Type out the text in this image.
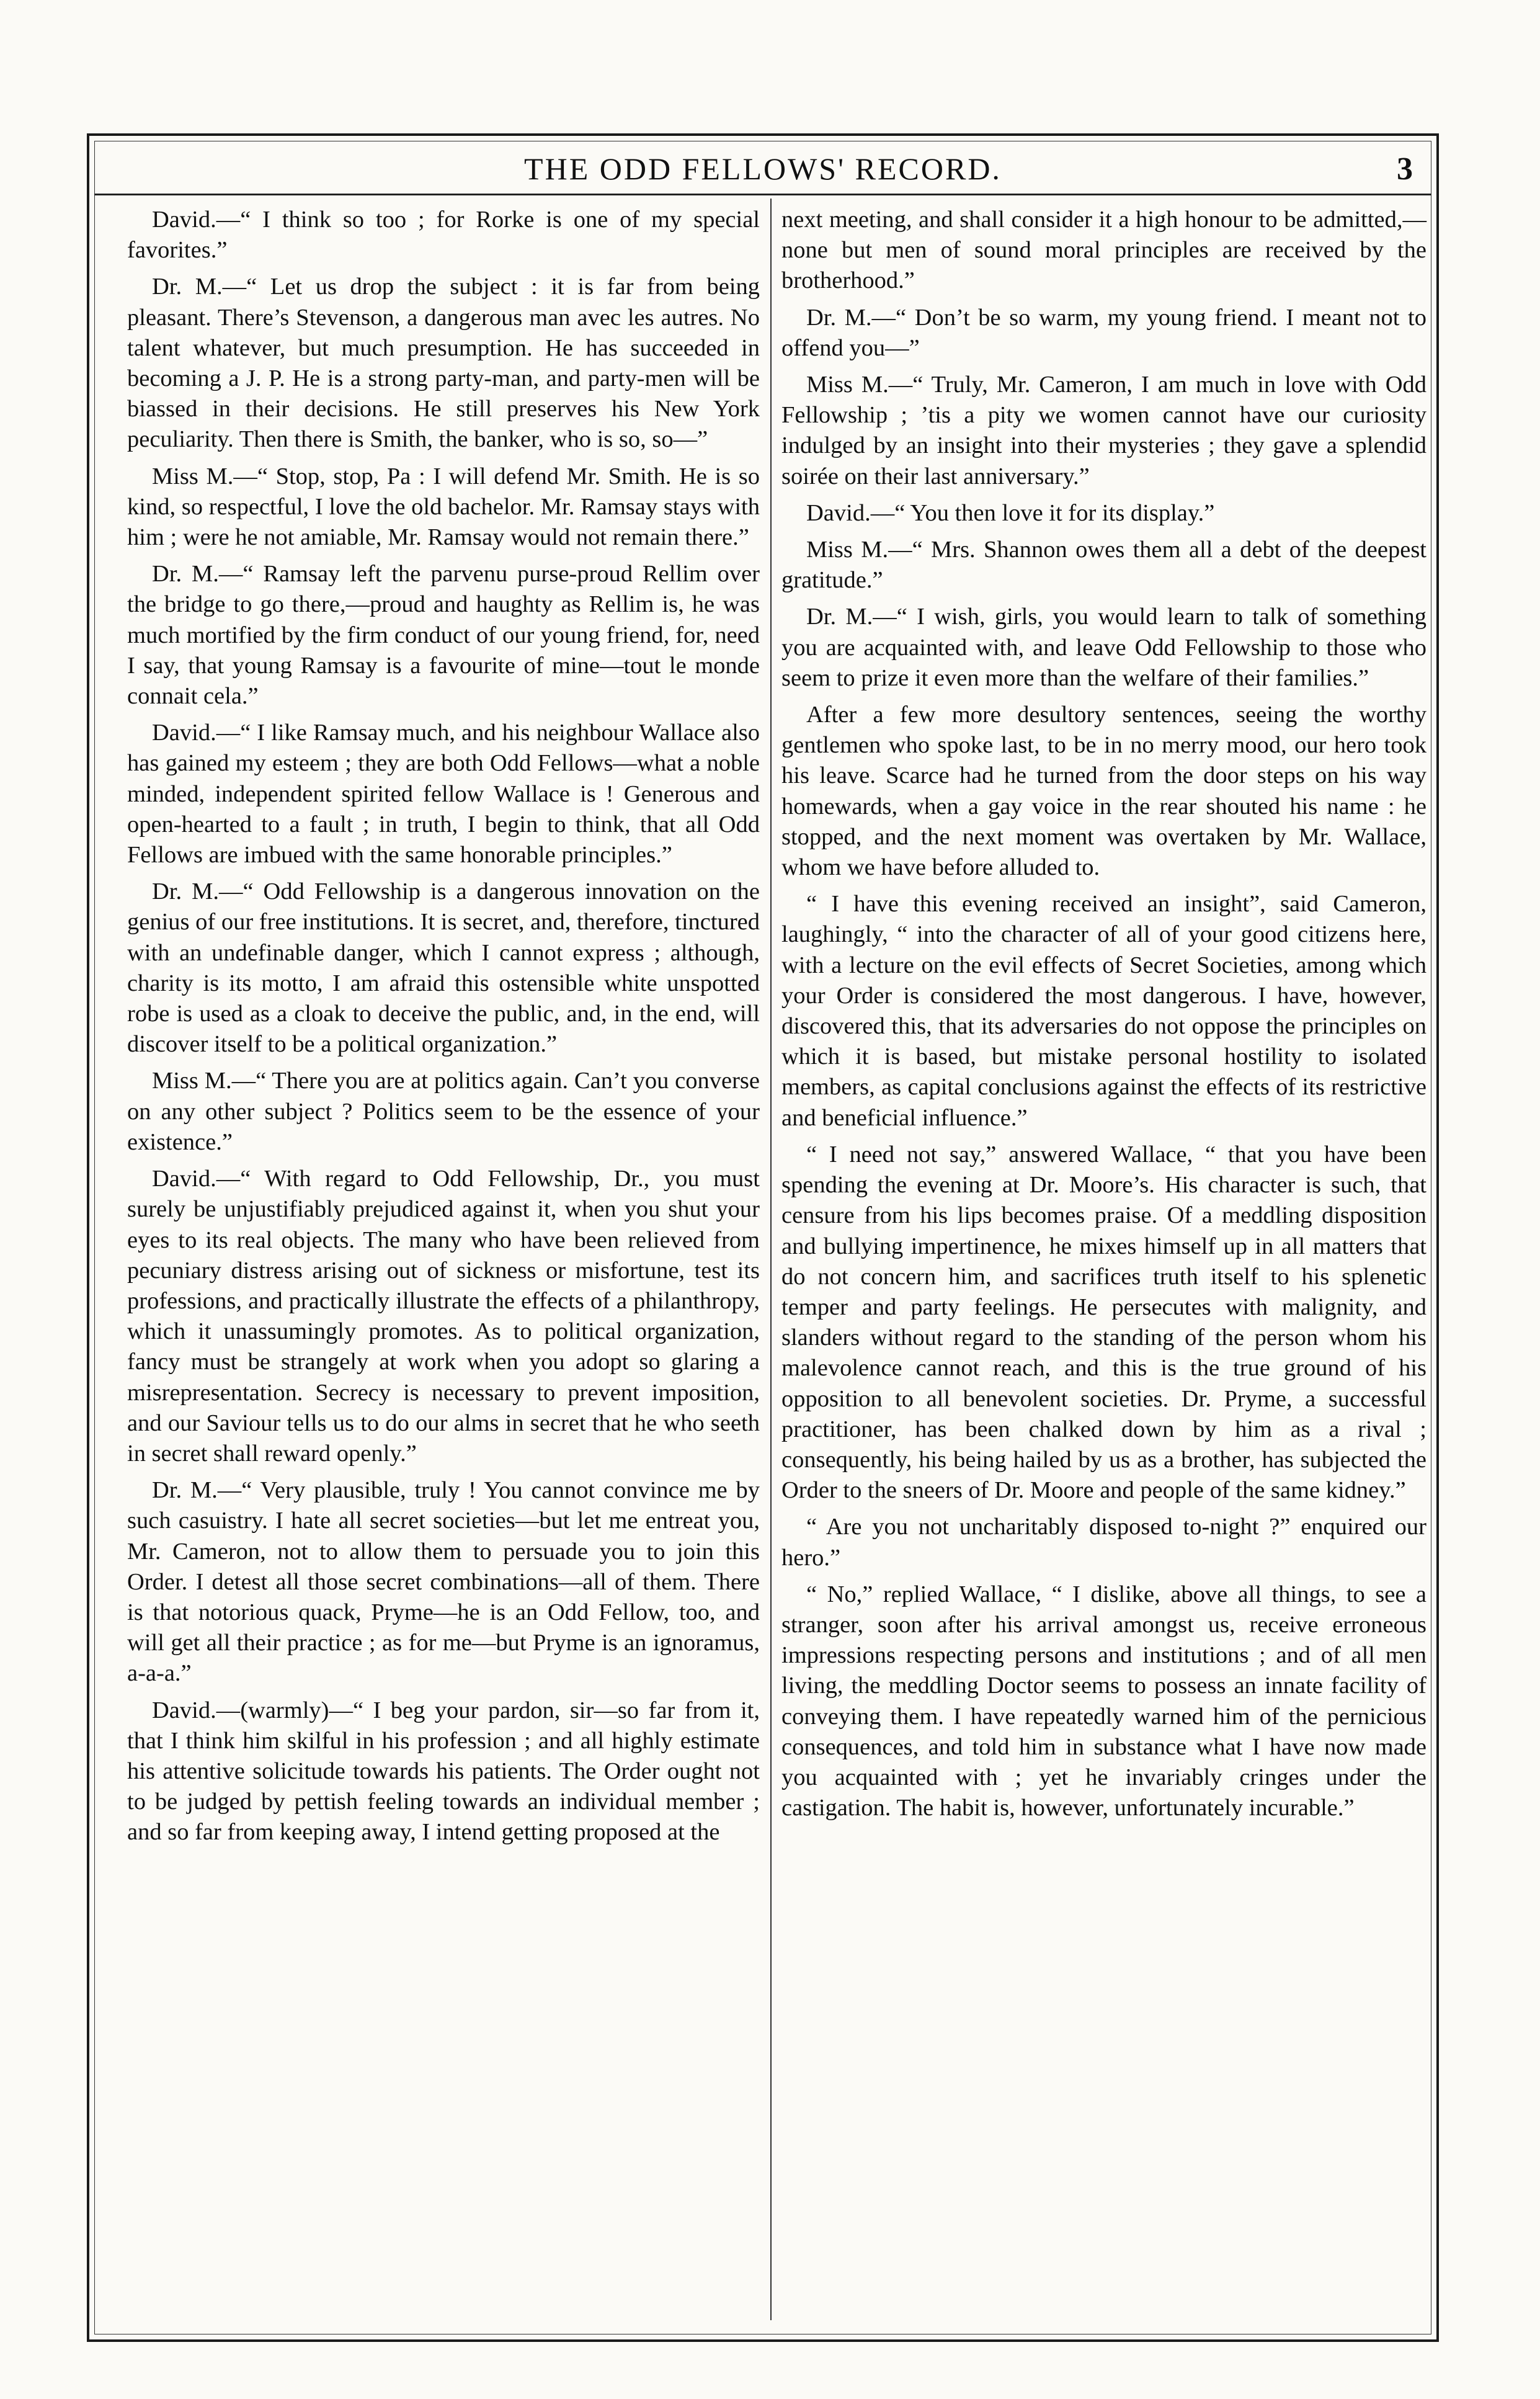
THE ODD FELLOWS' RECORD.	3

David.—“ I think so too ; for Rorke is one of my special favorites.”

Dr. M.—“ Let us drop the subject : it is far from being pleasant. There’s Stevenson, a dangerous man avec les autres. No talent whatever, but much presumption. He has succeeded in becoming a J. P. He is a strong party-man, and party-men will be biassed in their decisions. He still preserves his New York peculiarity. Then there is Smith, the banker, who is so, so—”

Miss M.—“ Stop, stop, Pa : I will defend Mr. Smith. He is so kind, so respectful, I love the old bachelor. Mr. Ramsay stays with him ; were he not amiable, Mr. Ramsay would not remain there.”

Dr. M.—“ Ramsay left the parvenu purse-proud Rellim over the bridge to go there,—proud and haughty as Rellim is, he was much mortified by the firm conduct of our young friend, for, need I say, that young Ramsay is a favourite of mine—tout le monde connait cela.”

David.—“ I like Ramsay much, and his neighbour Wallace also has gained my esteem ; they are both Odd Fellows—what a noble minded, independent spirited fellow Wallace is ! Generous and open-hearted to a fault ; in truth, I begin to think, that all Odd Fellows are imbued with the same honorable principles.”

Dr. M.—“ Odd Fellowship is a dangerous innovation on the genius of our free institutions. It is secret, and, therefore, tinctured with an undefinable danger, which I cannot express ; although, charity is its motto, I am afraid this ostensible white unspotted robe is used as a cloak to deceive the public, and, in the end, will discover itself to be a political organization.”

Miss M.—“ There you are at politics again. Can’t you converse on any other subject ? Politics seem to be the essence of your existence.”

David.—“ With regard to Odd Fellowship, Dr., you must surely be unjustifiably prejudiced against it, when you shut your eyes to its real objects. The many who have been relieved from pecuniary distress arising out of sickness or misfortune, test its professions, and practically illustrate the effects of a philanthropy, which it unassumingly promotes. As to political organization, fancy must be strangely at work when you adopt so glaring a misrepresentation. Secrecy is necessary to prevent imposition, and our Saviour tells us to do our alms in secret that he who seeth in secret shall reward openly.”

Dr. M.—“ Very plausible, truly ! You cannot convince me by such casuistry. I hate all secret societies—but let me entreat you, Mr. Cameron, not to allow them to persuade you to join this Order. I detest all those secret combinations—all of them. There is that notorious quack, Pryme—he is an Odd Fellow, too, and will get all their practice ; as for me—but Pryme is an ignoramus, a-a-a.”

David.—(warmly)—“ I beg your pardon, sir—so far from it, that I think him skilful in his profession ; and all highly estimate his attentive solicitude towards his patients. The Order ought not to be judged by pettish feeling towards an individual member ; and so far from keeping away, I intend getting proposed at the

next meeting, and shall consider it a high honour to be admitted,—none but men of sound moral principles are received by the brotherhood.”

Dr. M.—“ Don’t be so warm, my young friend. I meant not to offend you—”

Miss M.—“ Truly, Mr. Cameron, I am much in love with Odd Fellowship ; ’tis a pity we women cannot have our curiosity indulged by an insight into their mysteries ; they gave a splendid soirée on their last anniversary.”

David.—“ You then love it for its display.”

Miss M.—“ Mrs. Shannon owes them all a debt of the deepest gratitude.”

Dr. M.—“ I wish, girls, you would learn to talk of something you are acquainted with, and leave Odd Fellowship to those who seem to prize it even more than the welfare of their families.”

After a few more desultory sentences, seeing the worthy gentlemen who spoke last, to be in no merry mood, our hero took his leave. Scarce had he turned from the door steps on his way homewards, when a gay voice in the rear shouted his name : he stopped, and the next moment was overtaken by Mr. Wallace, whom we have before alluded to.

“ I have this evening received an insight”, said Cameron, laughingly, “ into the character of all of your good citizens here, with a lecture on the evil effects of Secret Societies, among which your Order is considered the most dangerous. I have, however, discovered this, that its adversaries do not oppose the principles on which it is based, but mistake personal hostility to isolated members, as capital conclusions against the effects of its restrictive and beneficial influence.”

“ I need not say,” answered Wallace, “ that you have been spending the evening at Dr. Moore’s. His character is such, that censure from his lips becomes praise. Of a meddling disposition and bullying impertinence, he mixes himself up in all matters that do not concern him, and sacrifices truth itself to his splenetic temper and party feelings. He persecutes with malignity, and slanders without regard to the standing of the person whom his malevolence cannot reach, and this is the true ground of his opposition to all benevolent societies. Dr. Pryme, a successful practitioner, has been chalked down by him as a rival ; consequently, his being hailed by us as a brother, has subjected the Order to the sneers of Dr. Moore and people of the same kidney.”

“ Are you not uncharitably disposed to-night ?” enquired our hero.”

“ No,” replied Wallace, “ I dislike, above all things, to see a stranger, soon after his arrival amongst us, receive erroneous impressions respecting persons and institutions ; and of all men living, the meddling Doctor seems to possess an innate facility of conveying them. I have repeatedly warned him of the pernicious consequences, and told him in substance what I have now made you acquainted with ; yet he invariably cringes under the castigation. The habit is, however, unfortunately incurable.”
